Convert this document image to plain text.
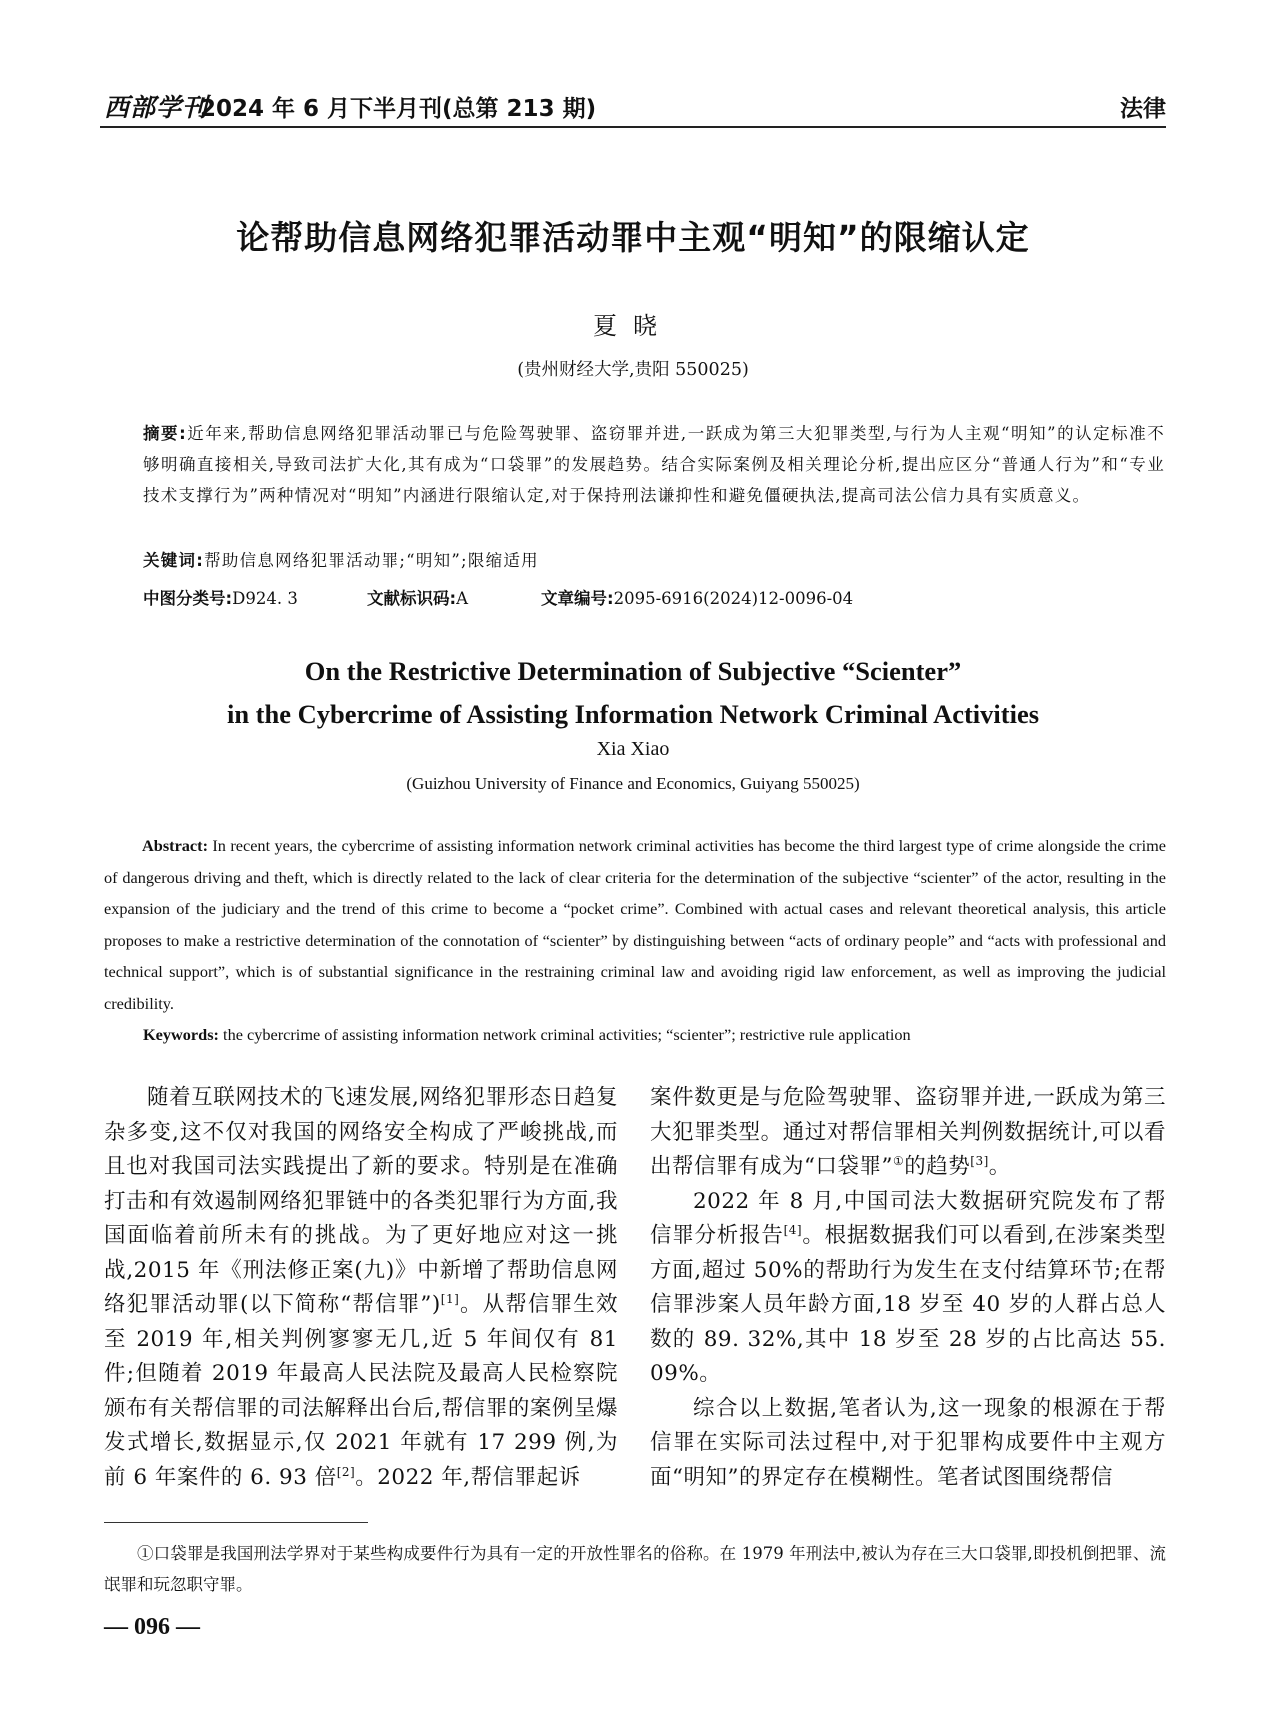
西部学刊
2024 年 6 月下半月刊(总第 213 期)	法律
论帮助信息网络犯罪活动罪中主观“明知”的限缩认定
夏晓
(贵州财经大学,贵阳 550025)

摘要:近年来,帮助信息网络犯罪活动罪已与危险驾驶罪、盗窃罪并进,一跃成为第三大犯罪类型,与行为人主观“明知”的认定标准不够明确直接相关,导致司法扩大化,其有成为“口袋罪”的发展趋势。结合实际案例及相关理论分析,提出应区分“普通人行为”和“专业技术支撑行为”两种情况对“明知”内涵进行限缩认定,对于保持刑法谦抑性和避免僵硬执法,提高司法公信力具有实质意义。

关键词:帮助信息网络犯罪活动罪;“明知”;限缩适用
中图分类号:D924. 3	文献标识码:A	文章编号:2095-6916(2024)12-0096-04
On the Restrictive Determination of Subjective “Scienter”
in the Cybercrime of Assisting Information Network Criminal Activities
Xia Xiao
(Guizhou University of Finance and Economics, Guiyang 550025)
Abstract: In recent years, the cybercrime of assisting information network criminal activities has become the third largest type of crime alongside the crime of dangerous driving and theft, which is directly related to the lack of clear criteria for the determination of the subjective “scienter” of the actor, resulting in the expansion of the judiciary and the trend of this crime to become a “pocket crime”. Combined with actual cases and relevant theoretical analysis, this article proposes to make a restrictive determination of the connotation of “scienter” by distinguishing between “acts of ordinary people” and “acts with professional and technical support”, which is of substantial significance in the restraining criminal law and avoiding rigid law enforcement, as well as improving the judicial credibility.
Keywords: the cybercrime of assisting information network criminal activities; “scienter”; restrictive rule application

随着互联网技术的飞速发展,网络犯罪形态日趋复杂多变,这不仅对我国的网络安全构成了严峻挑战,而且也对我国司法实践提出了新的要求。特别是在准确打击和有效遏制网络犯罪链中的各类犯罪行为方面,我国面临着前所未有的挑战。为了更好地应对这一挑战,2015 年《刑法修正案(九)》中新增了帮助信息网络犯罪活动罪(以下简称“帮信罪”)[1]。从帮信罪生效至 2019 年,相关判例寥寥无几,近 5 年间仅有 81 件;但随着 2019 年最高人民法院及最高人民检察院颁布有关帮信罪的司法解释出台后,帮信罪的案例呈爆发式增长,数据显示,仅 2021 年就有 17 299 例,为前 6 年案件的 6. 93 倍[2]。2022 年,帮信罪起诉

案件数更是与危险驾驶罪、盗窃罪并进,一跃成为第三大犯罪类型。通过对帮信罪相关判例数据统计,可以看出帮信罪有成为“口袋罪”①的趋势[3]。

2022 年 8 月,中国司法大数据研究院发布了帮信罪分析报告[4]。根据数据我们可以看到,在涉案类型方面,超过 50%的帮助行为发生在支付结算环节;在帮信罪涉案人员年龄方面,18 岁至 40 岁的人群占总人数的 89. 32%,其中 18 岁至 28 岁的占比高达 55. 09%。

综合以上数据,笔者认为,这一现象的根源在于帮信罪在实际司法过程中,对于犯罪构成要件中主观方面“明知”的界定存在模糊性。笔者试图围绕帮信

①口袋罪是我国刑法学界对于某些构成要件行为具有一定的开放性罪名的俗称。在 1979 年刑法中,被认为存在三大口袋罪,即投机倒把罪、流氓罪和玩忽职守罪。
— 096 —
